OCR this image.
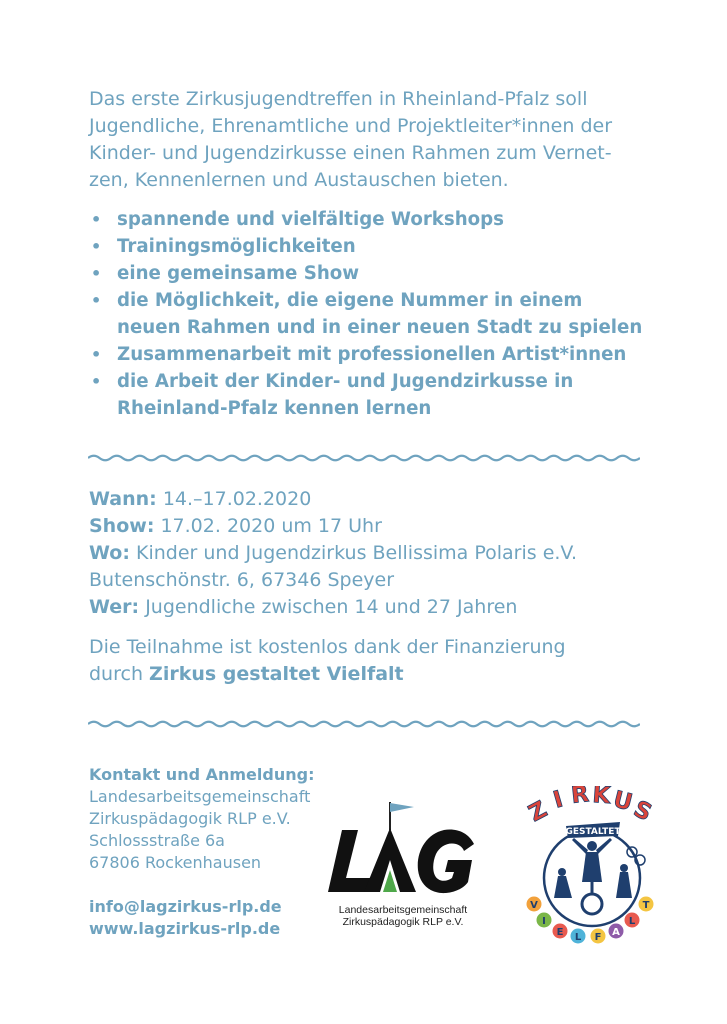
Das erste Zirkusjugendtreffen in Rheinland-Pfalz soll
Jugendliche, Ehrenamtliche und Projektleiter*innen der
Kinder- und Jugendzirkusse einen Rahmen zum Vernet-
zen, Kennenlernen und Austauschen bieten.

• spannende und vielfältige Workshops
• Trainingsmöglichkeiten
• eine gemeinsame Show
• die Möglichkeit, die eigene Nummer in einem
neuen Rahmen und in einer neuen Stadt zu spielen
• Zusammenarbeit mit professionellen Artist*innen
• die Arbeit der Kinder- und Jugendzirkusse in
Rheinland-Pfalz kennen lernen
Wann: 14.–17.02.2020
Show: 17.02. 2020 um 17 Uhr
Wo: Kinder und Jugendzirkus Bellissima Polaris e.V.
Butenschönstr. 6, 67346 Speyer
Wer: Jugendliche zwischen 14 und 27 Jahren

Die Teilnahme ist kostenlos dank der Finanzierung
durch Zirkus gestaltet Vielfalt

Kontakt und Anmeldung:
Landesarbeitsgemeinschaft
Zirkuspädagogik RLP e.V.
Schlossstraße 6a
67806 Rockenhausen
info@lagzirkus-rlp.de
www.lagzirkus-rlp.de
Landesarbeitsgemeinschaft
Zirkuspädagogik RLP e.V.
GESTALTET
Z
I R K U
S
V
I
E L F A
L
T
